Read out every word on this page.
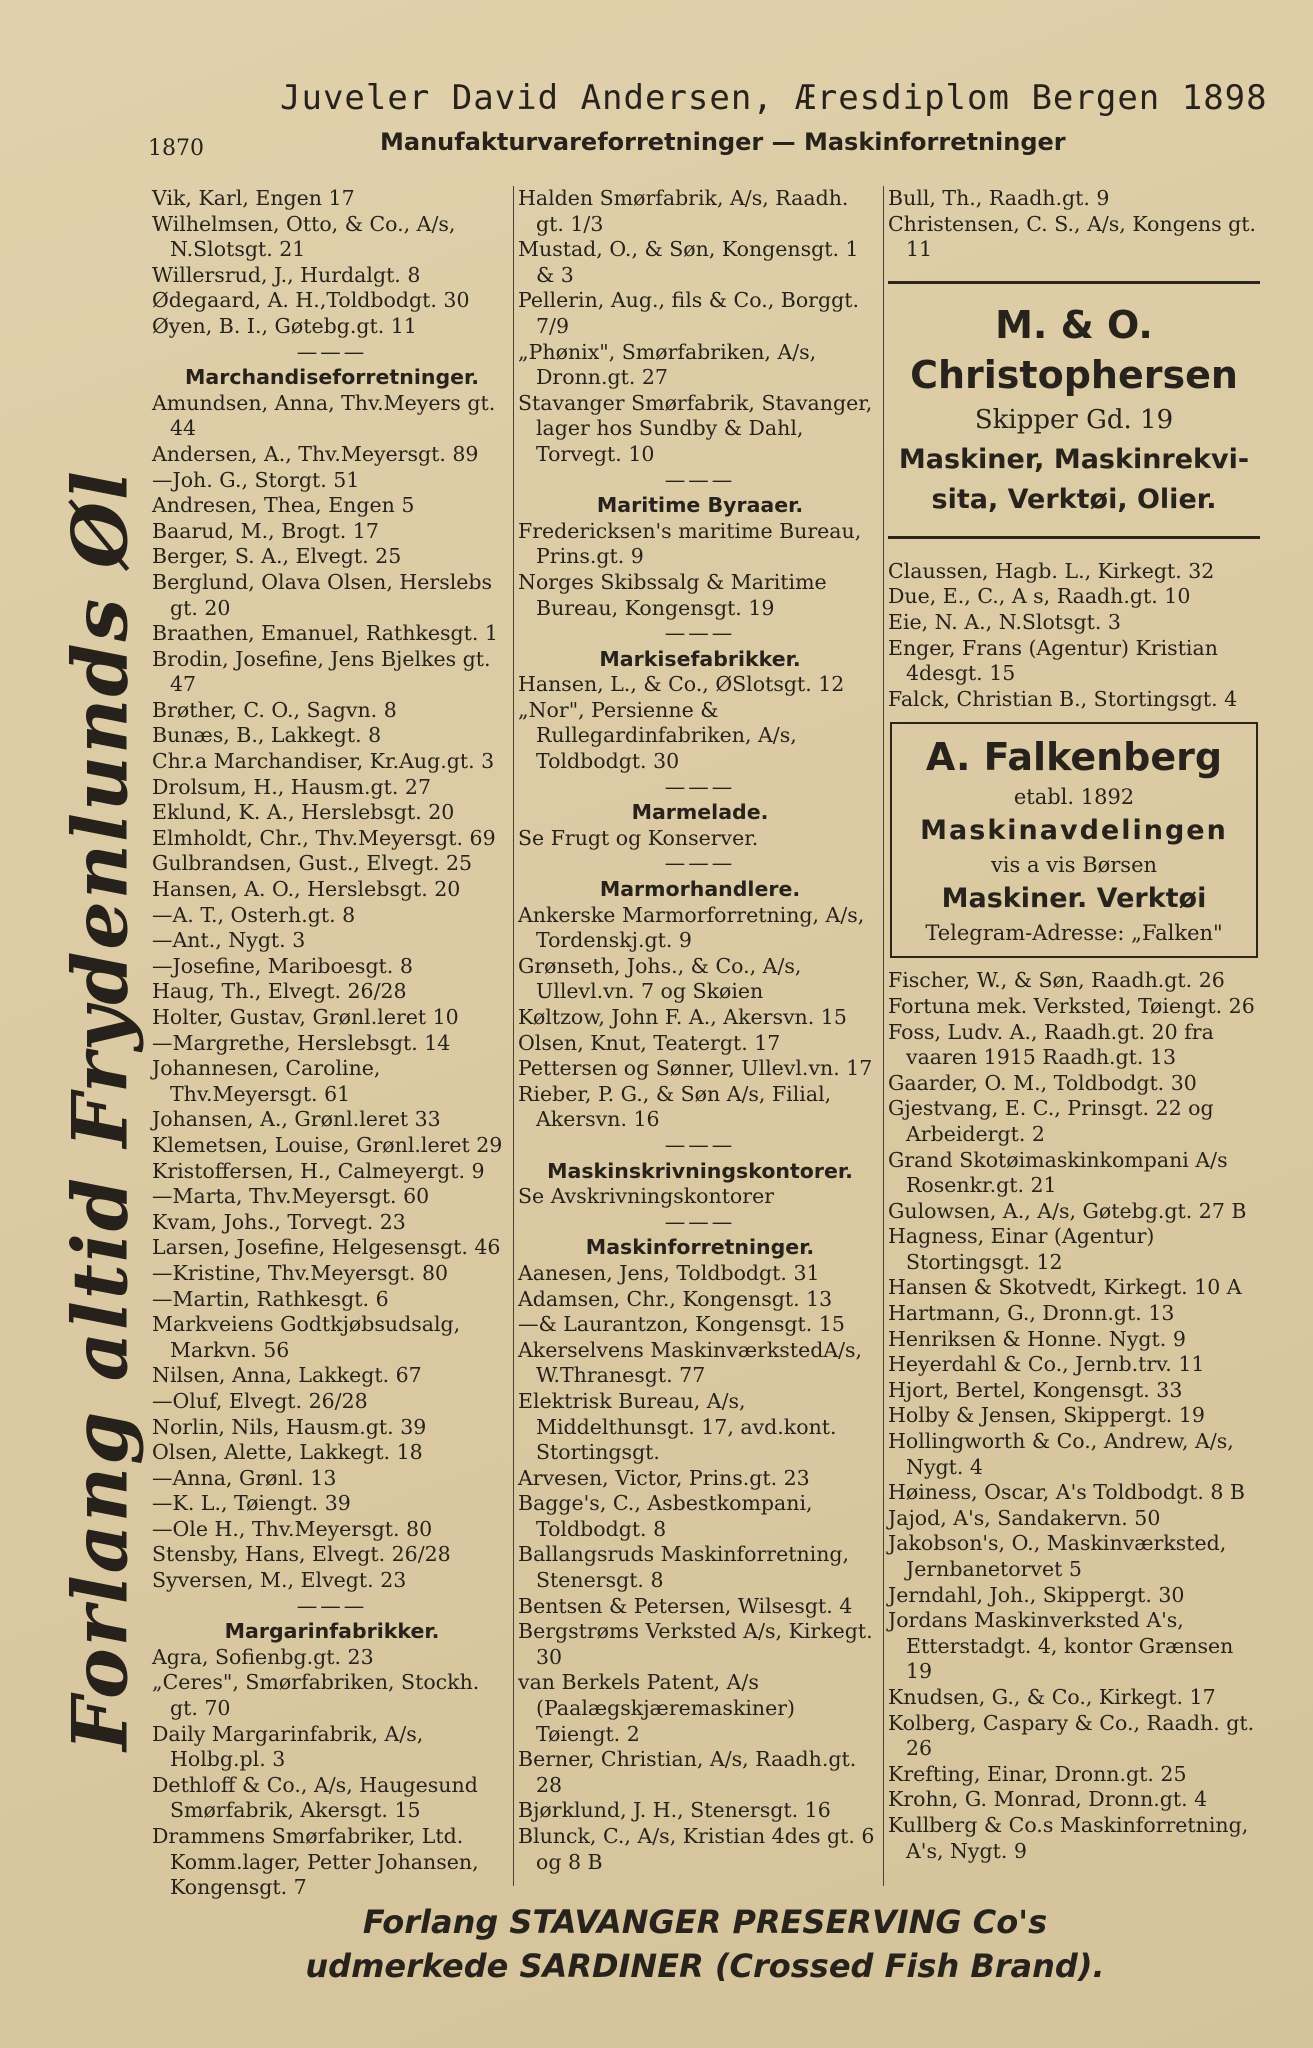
Juveler David Andersen, Æresdiplom Bergen 1898
1870	Manufakturvareforretninger — Maskinforretninger
Forlang altid Frydenlunds Øl
Vik, Karl, Engen 17
Wilhelmsen, Otto, & Co., A/s, N.Slotsgt. 21
Willersrud, J., Hurdalgt. 8
Ødegaard, A. H.,Toldbodgt. 30
Øyen, B. I., Gøtebg.gt. 11
———
Marchandiseforretninger.
Amundsen, Anna, Thv.Meyers gt. 44
Andersen, A., Thv.Meyersgt. 89
—Joh. G., Storgt. 51
Andresen, Thea, Engen 5
Baarud, M., Brogt. 17
Berger, S. A., Elvegt. 25
Berglund, Olava Olsen, Herslebs gt. 20
Braathen, Emanuel, Rathkesgt. 1
Brodin, Josefine, Jens Bjelkes gt. 47
Brøther, C. O., Sagvn. 8
Bunæs, B., Lakkegt. 8
Chr.a Marchandiser, Kr.Aug.gt. 3
Drolsum, H., Hausm.gt. 27
Eklund, K. A., Herslebsgt. 20
Elmholdt, Chr., Thv.Meyersgt. 69
Gulbrandsen, Gust., Elvegt. 25
Hansen, A. O., Herslebsgt. 20
—A. T., Osterh.gt. 8
—Ant., Nygt. 3
—Josefine, Mariboesgt. 8
Haug, Th., Elvegt. 26/28
Holter, Gustav, Grønl.leret 10
—Margrethe, Herslebsgt. 14
Johannesen, Caroline, Thv.Meyersgt. 61
Johansen, A., Grønl.leret 33
Klemetsen, Louise, Grønl.leret 29
Kristoffersen, H., Calmeyergt. 9
—Marta, Thv.Meyersgt. 60
Kvam, Johs., Torvegt. 23
Larsen, Josefine, Helgesensgt. 46
—Kristine, Thv.Meyersgt. 80
—Martin, Rathkesgt. 6
Markveiens Godtkjøbsudsalg, Markvn. 56
Nilsen, Anna, Lakkegt. 67
—Oluf, Elvegt. 26/28
Norlin, Nils, Hausm.gt. 39
Olsen, Alette, Lakkegt. 18
—Anna, Grønl. 13
—K. L., Tøiengt. 39
—Ole H., Thv.Meyersgt. 80
Stensby, Hans, Elvegt. 26/28
Syversen, M., Elvegt. 23
———
Margarinfabrikker.
Agra, Sofienbg.gt. 23
„Ceres", Smørfabriken, Stockh. gt. 70
Daily Margarinfabrik, A/s, Holbg.pl. 3
Dethloff & Co., A/s, Haugesund Smørfabrik, Akersgt. 15
Drammens Smørfabriker, Ltd. Komm.lager, Petter Johansen, Kongensgt. 7
Halden Smørfabrik, A/s, Raadh. gt. 1/3
Mustad, O., & Søn, Kongensgt. 1 & 3
Pellerin, Aug., fils & Co., Borggt. 7/9
„Phønix", Smørfabriken, A/s, Dronn.gt. 27
Stavanger Smørfabrik, Stavanger, lager hos Sundby & Dahl, Torvegt. 10
———
Maritime Byraaer.
Fredericksen's maritime Bureau, Prins.gt. 9
Norges Skibssalg & Maritime Bureau, Kongensgt. 19
———
Markisefabrikker.
Hansen, L., & Co., ØSlotsgt. 12
„Nor", Persienne & Rullegardinfabriken, A/s, Toldbodgt. 30
———
Marmelade.
Se Frugt og Konserver.
———
Marmorhandlere.
Ankerske Marmorforretning, A/s, Tordenskj.gt. 9
Grønseth, Johs., & Co., A/s, Ullevl.vn. 7 og Skøien
Køltzow, John F. A., Akersvn. 15
Olsen, Knut, Teatergt. 17
Pettersen og Sønner, Ullevl.vn. 17
Rieber, P. G., & Søn A/s, Filial, Akersvn. 16
———
Maskinskrivningskontorer.
Se Avskrivningskontorer
———
Maskinforretninger.
Aanesen, Jens, Toldbodgt. 31
Adamsen, Chr., Kongensgt. 13
—& Laurantzon, Kongensgt. 15
Akerselvens MaskinværkstedA/s, W.Thranesgt. 77
Elektrisk Bureau, A/s, Middelthunsgt. 17, avd.kont. Stortingsgt.
Arvesen, Victor, Prins.gt. 23
Bagge's, C., Asbestkompani, Toldbodgt. 8
Ballangsruds Maskinforretning, Stenersgt. 8
Bentsen & Petersen, Wilsesgt. 4
Bergstrøms Verksted A/s, Kirkegt. 30
van Berkels Patent, A/s (Paalægskjæremaskiner) Tøiengt. 2
Berner, Christian, A/s, Raadh.gt. 28
Bjørklund, J. H., Stenersgt. 16
Blunck, C., A/s, Kristian 4des gt. 6 og 8 B
Bull, Th., Raadh.gt. 9
Christensen, C. S., A/s, Kongens gt. 11
M. & O. Christophersen
Skipper Gd. 19
Maskiner, Maskinrekvi-
sita, Verktøi, Olier.
Claussen, Hagb. L., Kirkegt. 32
Due, E., C., A s, Raadh.gt. 10
Eie, N. A., N.Slotsgt. 3
Enger, Frans (Agentur) Kristian 4desgt. 15
Falck, Christian B., Stortingsgt. 4
A. Falkenberg
etabl. 1892
Maskinavdelingen
vis a vis Børsen
Maskiner. Verktøi
Telegram-Adresse: „Falken"
Fischer, W., & Søn, Raadh.gt. 26
Fortuna mek. Verksted, Tøiengt. 26
Foss, Ludv. A., Raadh.gt. 20 fra vaaren 1915 Raadh.gt. 13
Gaarder, O. M., Toldbodgt. 30
Gjestvang, E. C., Prinsgt. 22 og Arbeidergt. 2
Grand Skotøimaskinkompani A/s Rosenkr.gt. 21
Gulowsen, A., A/s, Gøtebg.gt. 27 B
Hagness, Einar (Agentur) Stortingsgt. 12
Hansen & Skotvedt, Kirkegt. 10 A
Hartmann, G., Dronn.gt. 13
Henriksen & Honne. Nygt. 9
Heyerdahl & Co., Jernb.trv. 11
Hjort, Bertel, Kongensgt. 33
Holby & Jensen, Skippergt. 19
Hollingworth & Co., Andrew, A/s, Nygt. 4
Høiness, Oscar, A's Toldbodgt. 8 B
Jajod, A's, Sandakervn. 50
Jakobson's, O., Maskinværksted, Jernbanetorvet 5
Jerndahl, Joh., Skippergt. 30
Jordans Maskinverksted A's, Etterstadgt. 4, kontor Grænsen 19
Knudsen, G., & Co., Kirkegt. 17
Kolberg, Caspary & Co., Raadh. gt. 26
Krefting, Einar, Dronn.gt. 25
Krohn, G. Monrad, Dronn.gt. 4
Kullberg & Co.s Maskinforretning, A's, Nygt. 9
Forlang STAVANGER PRESERVING Co's
udmerkede SARDINER (Crossed Fish Brand).
